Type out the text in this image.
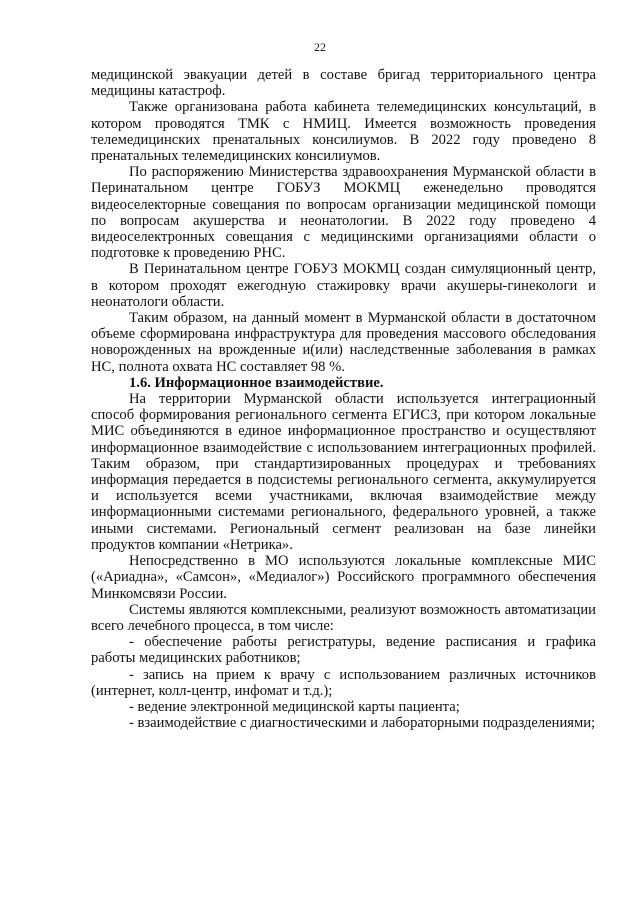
22

медицинской эвакуации детей в составе бригад территориального центра медицины катастроф.

Также организована работа кабинета телемедицинских консультаций, в котором проводятся ТМК с НМИЦ. Имеется возможность проведения телемедицинских пренатальных консилиумов. В 2022 году проведено 8 пренатальных телемедицинских консилиумов.

По распоряжению Министерства здравоохранения Мурманской области в Перинатальном центре ГОБУЗ МОКМЦ еженедельно проводятся видеоселекторные совещания по вопросам организации медицинской помощи по вопросам акушерства и неонатологии. В 2022 году проведено 4 видеоселектронных совещания с медицинскими организациями области о подготовке к проведению РНС.

В Перинатальном центре ГОБУЗ МОКМЦ создан симуляционный центр, в котором проходят ежегодную стажировку врачи акушеры-гинекологи и неонатологи области.

Таким образом, на данный момент в Мурманской области в достаточном объеме сформирована инфраструктура для проведения массового обследования новорожденных на врожденные и(или) наследственные заболевания в рамках НС, полнота охвата НС составляет 98 %.

1.6. Информационное взаимодействие.

На территории Мурманской области используется интеграционный способ формирования регионального сегмента ЕГИСЗ, при котором локальные МИС объединяются в единое информационное пространство и осуществляют информационное взаимодействие с использованием интеграционных профилей. Таким образом, при стандартизированных процедурах и требованиях информация передается в подсистемы регионального сегмента, аккумулируется и используется всеми участниками, включая взаимодействие между информационными системами регионального, федерального уровней, а также иными системами. Региональный сегмент реализован на базе линейки продуктов компании «Нетрика».

Непосредственно в МО используются локальные комплексные МИС («Ариадна», «Самсон», «Медиалог») Российского программного обеспечения Минкомсвязи России.

Системы являются комплексными, реализуют возможность автоматизации всего лечебного процесса, в том числе:

- обеспечение работы регистратуры, ведение расписания и графика работы медицинских работников;

- запись на прием к врачу с использованием различных источников (интернет, колл-центр, инфомат и т.д.);

- ведение электронной медицинской карты пациента;

- взаимодействие с диагностическими и лабораторными подразделениями;
